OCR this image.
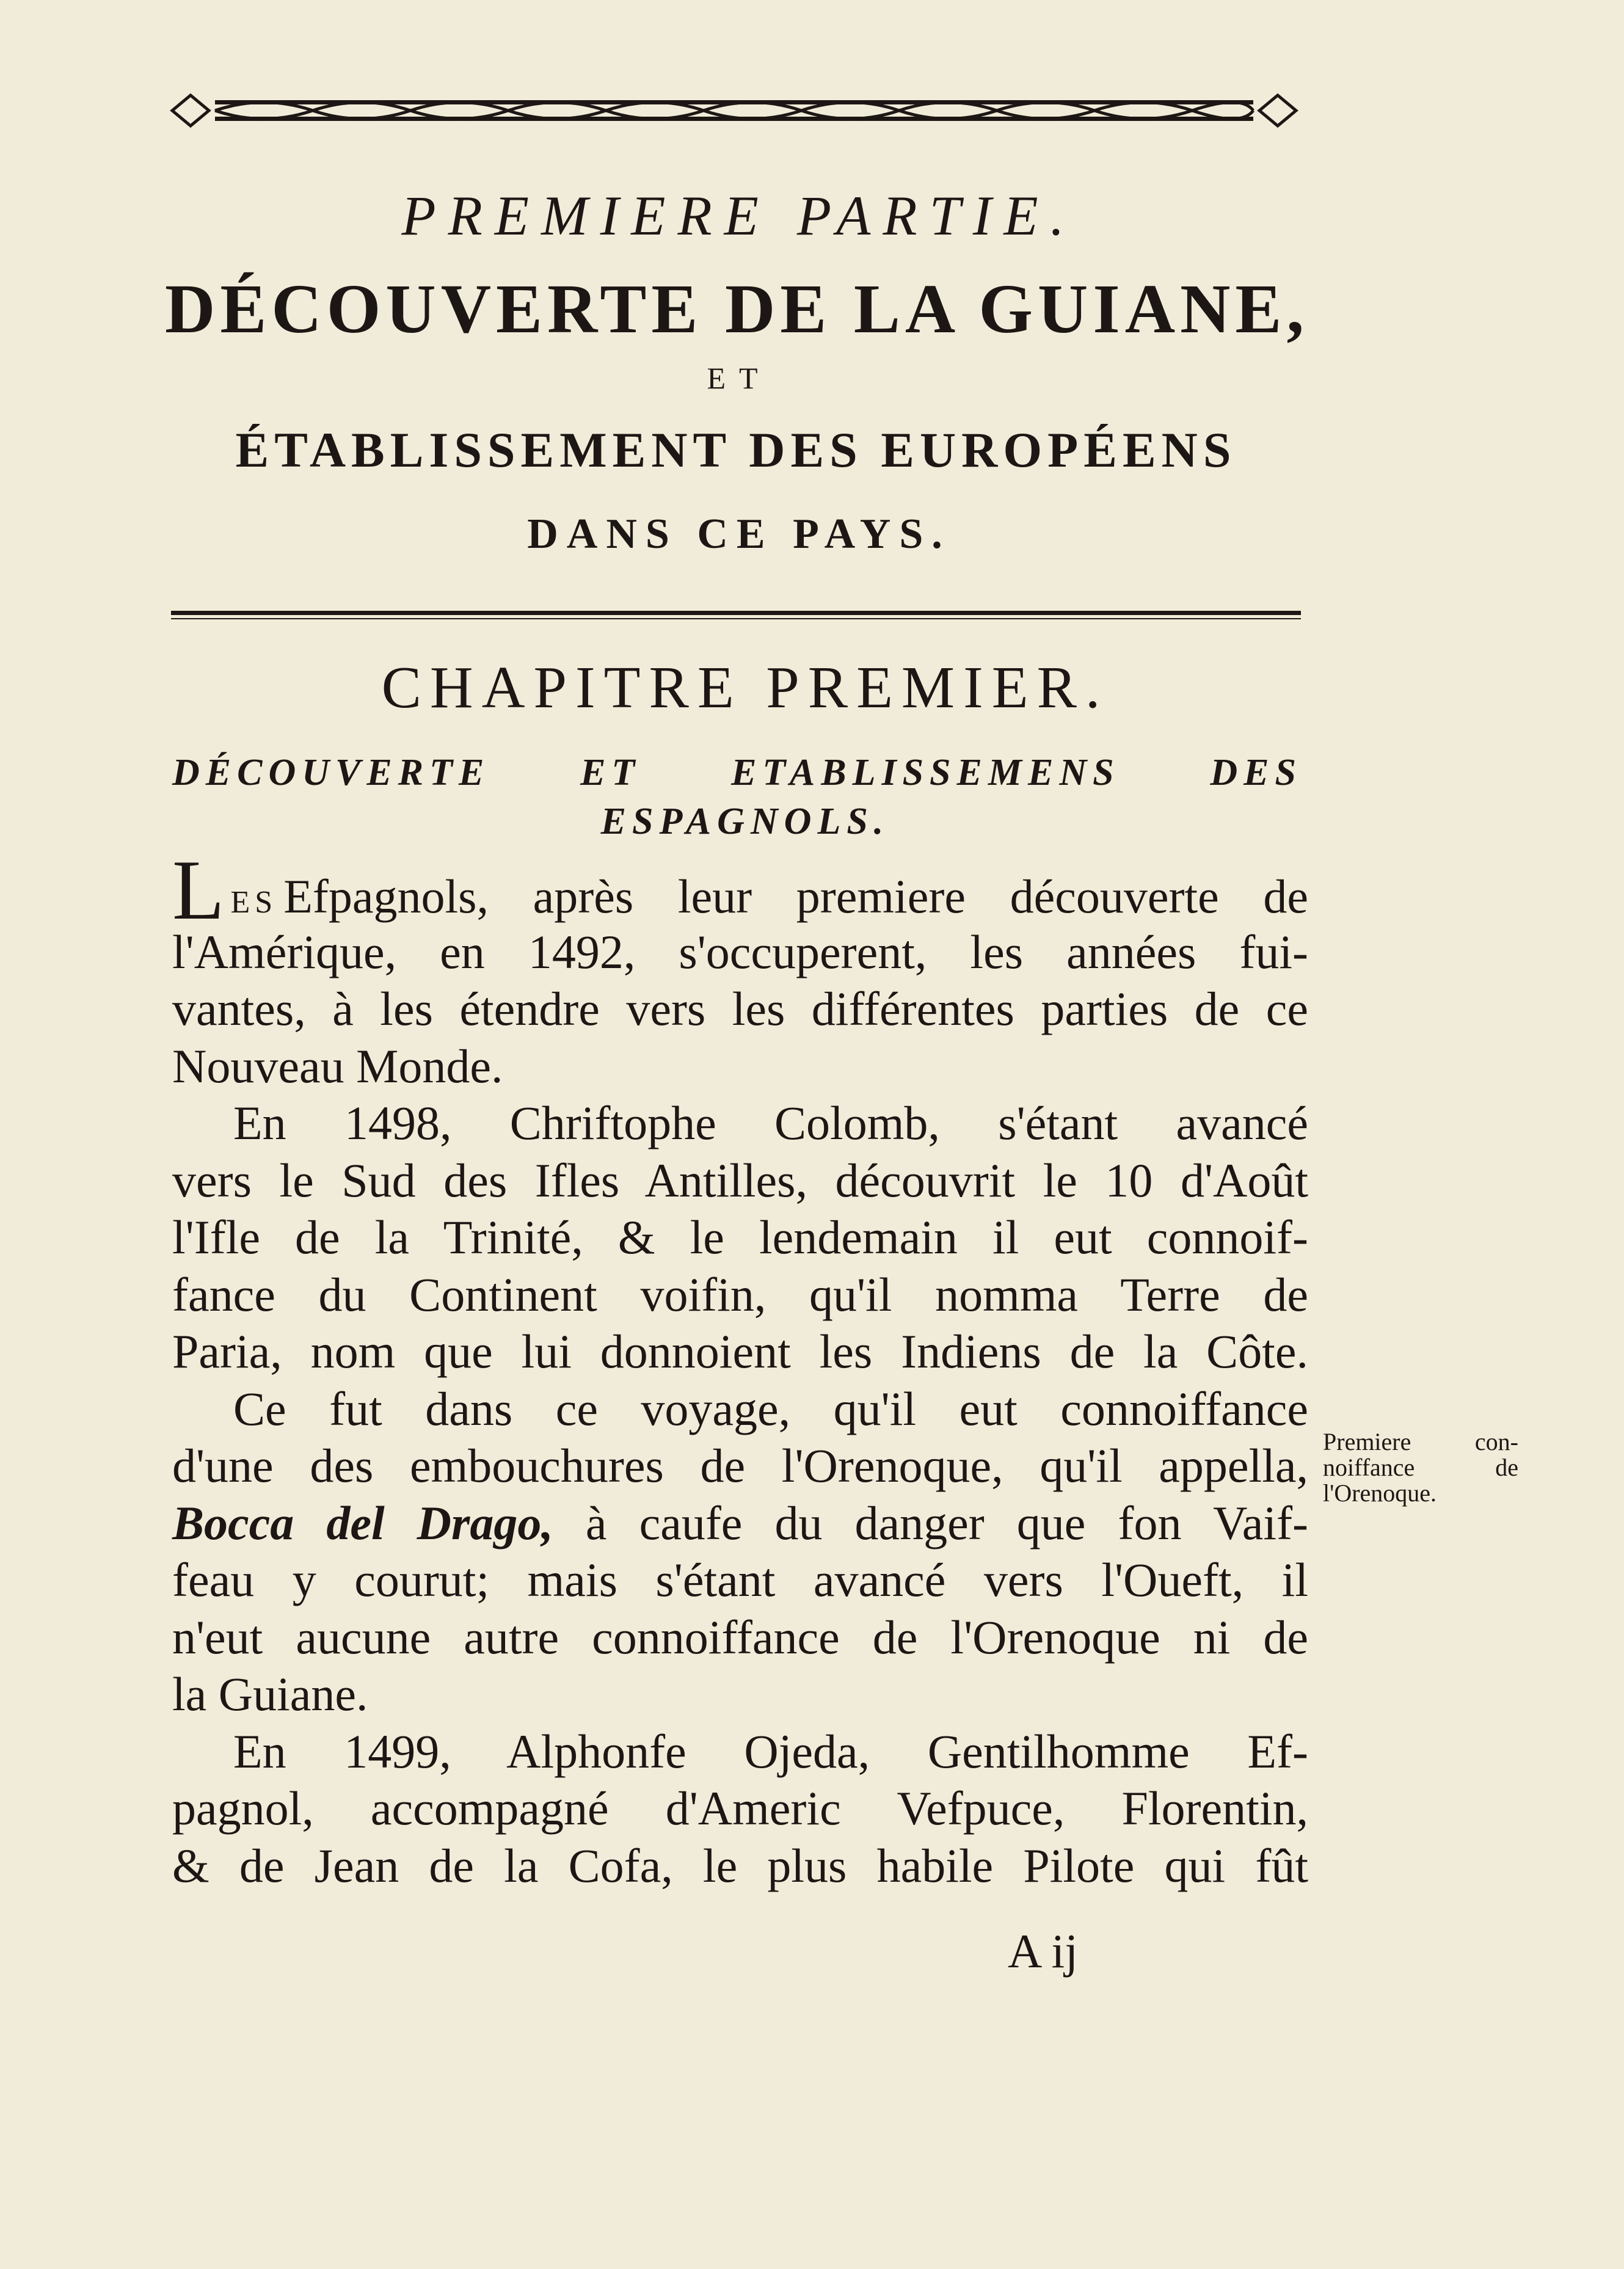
PREMIERE PARTIE.
DÉCOUVERTE DE LA GUIANE,
ET
ÉTABLISSEMENT DES EUROPÉENS
DANS CE PAYS.
CHAPITRE PREMIER.
DÉCOUVERTE ET ETABLISSEMENS DES
ESPAGNOLS.
LES Efpagnols, après leur premiere découverte de
l'Amérique, en 1492, s'occuperent, les années fui-
vantes, à les étendre vers les différentes parties de ce
Nouveau Monde.
En 1498, Chriftophe Colomb, s'étant avancé
vers le Sud des Ifles Antilles, découvrit le 10 d'Août
l'Ifle de la Trinité, & le lendemain il eut connoif-
fance du Continent voifin, qu'il nomma Terre de
Paria, nom que lui donnoient les Indiens de la Côte.
Ce fut dans ce voyage, qu'il eut connoiffance
d'une des embouchures de l'Orenoque, qu'il appella,
Bocca del Drago, à caufe du danger que fon Vaif-
feau y courut; mais s'étant avancé vers l'Oueft, il
n'eut aucune autre connoiffance de l'Orenoque ni de
la Guiane.
En 1499, Alphonfe Ojeda, Gentilhomme Ef-
pagnol, accompagné d'Americ Vefpuce, Florentin,
& de Jean de la Cofa, le plus habile Pilote qui fût
Premiere con-
noiffance de
l'Orenoque.
A ij
